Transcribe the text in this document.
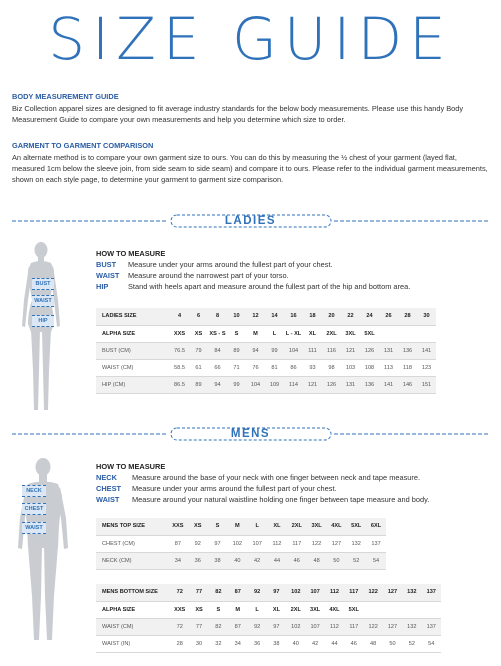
SIZE GUIDE
BODY MEASUREMENT GUIDE

Biz Collection apparel sizes are designed to fit average industry standards for the below body measurements. Please use this handy Body Measurement Guide to compare your own measurements and help you determine which size to order.

GARMENT TO GARMENT COMPARISON

An alternate method is to compare your own garment size to ours. You can do this by measuring the ½ chest of your garment (layed flat, measured 1cm below the sleeve join, from side seam to side seam) and compare it to ours. Please refer to the individual garment measurements, shown on each style page, to determine your garment to garment size comparison.

LADIES
BUST
WAIST
HIP
HOW TO MEASURE
BUST	Measure under your arms around the fullest part of your chest.
WAIST	Measure around the narrowest part of your torso.
HIP	Stand with heels apart and measure around the fullest part of the hip and bottom area.
LADIES SIZE	4	6	8	10	12	14	16	18	20	22	24	26	28	30
ALPHA SIZE	XXS	XS	XS - S	S	M	L	L - XL	XL	2XL	3XL	5XL			
BUST (CM)	76.5	79	84	89	94	99	104	111	116	121	126	131	136	141
WAIST (CM)	58.5	61	66	71	76	81	86	93	98	103	108	113	118	123
HIP (CM)	86.5	89	94	99	104	109	114	121	126	131	136	141	146	151
MENS
NECK
CHEST
WAIST
HOW TO MEASURE
NECK	Measure around the base of your neck with one finger between neck and tape measure.
CHEST	Measure under your arms around the fullest part of your chest.
WAIST	Measure around your natural waistline holding one finger between tape measure and body.
MENS TOP SIZE	XXS	XS	S	M	L	XL	2XL	3XL	4XL	5XL	6XL
CHEST (CM)	87	92	97	102	107	112	117	122	127	132	137
NECK (CM)	34	36	38	40	42	44	46	48	50	52	54
MENS BOTTOM SIZE	72	77	82	87	92	97	102	107	112	117	122	127	132	137
ALPHA SIZE	XXS	XS	S	M	L	XL	2XL	3XL	4XL	5XL				
WAIST (CM)	72	77	82	87	92	97	102	107	112	117	122	127	132	137
WAIST (IN)	28	30	32	34	36	38	40	42	44	46	48	50	52	54
